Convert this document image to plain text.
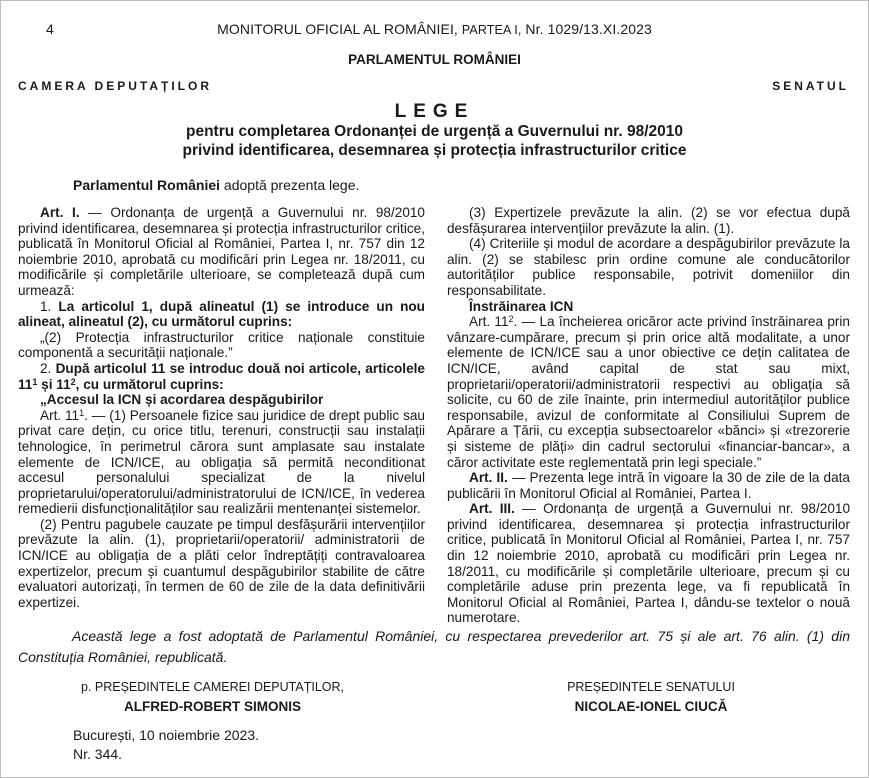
4	MONITORUL OFICIAL AL ROMÂNIEI, PARTEA I, Nr. 1029/13.XI.2023
PARLAMENTUL ROMÂNIEI
CAMERA DEPUTAȚILOR	SENATUL
LEGE
pentru completarea Ordonanței de urgență a Guvernului nr. 98/2010
privind identificarea, desemnarea și protecția infrastructurilor critice
Parlamentul României adoptă prezenta lege.

Art. I. — Ordonanța de urgență a Guvernului nr. 98/2010 privind identificarea, desemnarea și protecția infrastructurilor critice, publicată în Monitorul Oficial al României, Partea I, nr. 757 din 12 noiembrie 2010, aprobată cu modificări prin Legea nr. 18/2011, cu modificările și completările ulterioare, se completează după cum urmează:

1. La articolul 1, după alineatul (1) se introduce un nou alineat, alineatul (2), cu următorul cuprins:

„(2) Protecția infrastructurilor critice naționale constituie componentă a securității naționale.”

2. După articolul 11 se introduc două noi articole, articolele $11^1$ și $11^2$, cu următorul cuprins:

„Accesul la ICN și acordarea despăgubirilor

Art. $11^1$. — (1) Persoanele fizice sau juridice de drept public sau privat care dețin, cu orice titlu, terenuri, construcții sau instalații tehnologice, în perimetrul cărora sunt amplasate sau instalate elemente de ICN/ICE, au obligația să permită neconditionat accesul personalului specializat de la nivelul proprietarului/operatorului/administratorului de ICN/ICE, în vederea remedierii disfuncționalităților sau realizării mentenanței sistemelor.

(2) Pentru pagubele cauzate pe timpul desfășurării intervențiilor prevăzute la alin. (1), proprietarii/operatorii/ administratorii de ICN/ICE au obligația de a plăti celor îndreptățiți contravaloarea expertizelor, precum și cuantumul despăgubirilor stabilite de către evaluatori autorizați, în termen de 60 de zile de la data definitivării expertizei.

(3) Expertizele prevăzute la alin. (2) se vor efectua după desfășurarea intervențiilor prevăzute la alin. (1).

(4) Criteriile și modul de acordare a despăgubirilor prevăzute la alin. (2) se stabilesc prin ordine comune ale conducătorilor autorităților publice responsabile, potrivit domeniilor din responsabilitate.

Înstrăinarea ICN

Art. $11^2$. — La încheierea oricăror acte privind înstrăinarea prin vânzare-cumpărare, precum și prin orice altă modalitate, a unor elemente de ICN/ICE sau a unor obiective ce dețin calitatea de ICN/ICE, având capital de stat sau mixt, proprietarii/operatorii/administratorii respectivi au obligația să solicite, cu 60 de zile înainte, prin intermediul autorităților publice responsabile, avizul de conformitate al Consiliului Suprem de Apărare a Țării, cu excepția subsectoarelor «bănci» și «trezorerie și sisteme de plăți» din cadrul sectorului «financiar-bancar», a căror activitate este reglementată prin legi speciale.”

Art. II. — Prezenta lege intră în vigoare la 30 de zile de la data publicării în Monitorul Oficial al României, Partea I.

Art. III. — Ordonanța de urgență a Guvernului nr. 98/2010 privind identificarea, desemnarea și protecția infrastructurilor critice, publicată în Monitorul Oficial al României, Partea I, nr. 757 din 12 noiembrie 2010, aprobată cu modificări prin Legea nr. 18/2011, cu modificările și completările ulterioare, precum și cu completările aduse prin prezenta lege, va fi republicată în Monitorul Oficial al României, Partea I, dându-se textelor o nouă numerotare.

Această lege a fost adoptată de Parlamentul României, cu respectarea prevederilor art. 75 și ale art. 76 alin. (1) din Constituția României, republicată.

p. PREȘEDINTELE CAMEREI DEPUTAȚILOR,
ALFRED-ROBERT SIMONIS
PREȘEDINTELE SENATULUI
NICOLAE-IONEL CIUCĂ
București, 10 noiembrie 2023.
Nr. 344.
